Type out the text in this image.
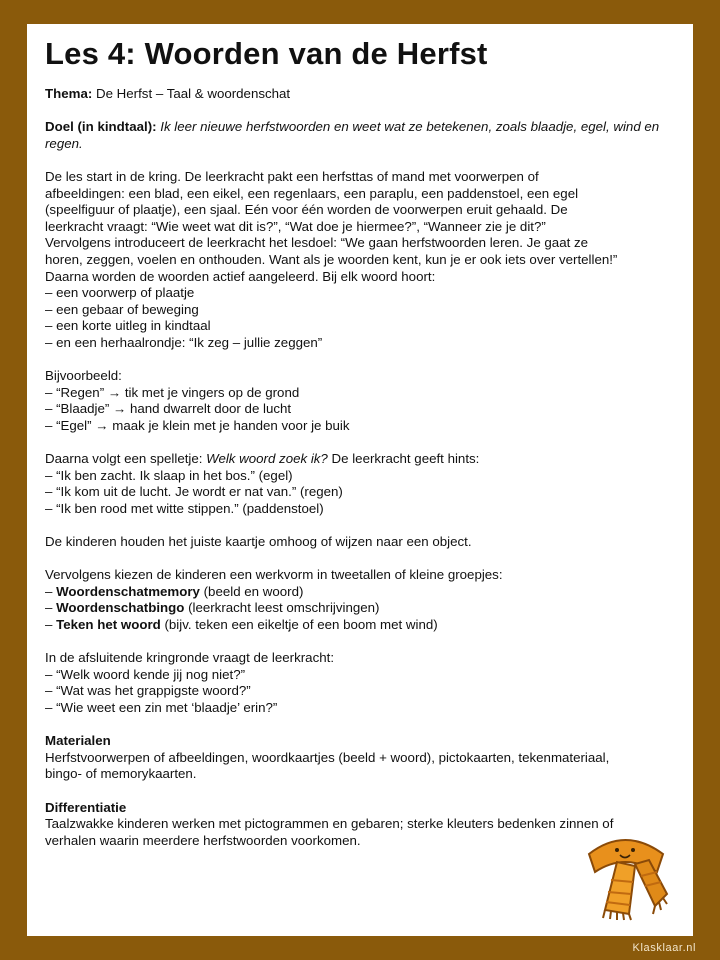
Les 4: Woorden van de Herfst

Thema: De Herfst – Taal & woordenschat

Doel (in kindtaal): Ik leer nieuwe herfstwoorden en weet wat ze betekenen, zoals blaadje, egel, wind en regen.

De les start in de kring. De leerkracht pakt een herfsttas of mand met voorwerpen of

afbeeldingen: een blad, een eikel, een regenlaars, een paraplu, een paddenstoel, een egel

(speelfiguur of plaatje), een sjaal. Eén voor één worden de voorwerpen eruit gehaald. De

leerkracht vraagt: “Wie weet wat dit is?”, “Wat doe je hiermee?”, “Wanneer zie je dit?”

Vervolgens introduceert de leerkracht het lesdoel: “We gaan herfstwoorden leren. Je gaat ze

horen, zeggen, voelen en onthouden. Want als je woorden kent, kun je er ook iets over vertellen!”

Daarna worden de woorden actief aangeleerd. Bij elk woord hoort:

– een voorwerp of plaatje

– een gebaar of beweging

– een korte uitleg in kindtaal

– en een herhaalrondje: “Ik zeg – jullie zeggen”

Bijvoorbeeld:

– “Regen” → tik met je vingers op de grond

– “Blaadje” → hand dwarrelt door de lucht

– “Egel” → maak je klein met je handen voor je buik

Daarna volgt een spelletje: Welk woord zoek ik? De leerkracht geeft hints:

– “Ik ben zacht. Ik slaap in het bos.” (egel)

– “Ik kom uit de lucht. Je wordt er nat van.” (regen)

– “Ik ben rood met witte stippen.” (paddenstoel)

De kinderen houden het juiste kaartje omhoog of wijzen naar een object.

Vervolgens kiezen de kinderen een werkvorm in tweetallen of kleine groepjes:

– Woordenschatmemory (beeld en woord)

– Woordenschatbingo (leerkracht leest omschrijvingen)

– Teken het woord (bijv. teken een eikeltje of een boom met wind)

In de afsluitende kringronde vraagt de leerkracht:

– “Welk woord kende jij nog niet?”

– “Wat was het grappigste woord?”

– “Wie weet een zin met ‘blaadje’ erin?”

Materialen

Herfstvoorwerpen of afbeeldingen, woordkaartjes (beeld + woord), pictokaarten, tekenmateriaal,

bingo- of memorykaarten.

Differentiatie

Taalzwakke kinderen werken met pictogrammen en gebaren; sterke kleuters bedenken zinnen of

verhalen waarin meerdere herfstwoorden voorkomen.

Klasklaar.nl
